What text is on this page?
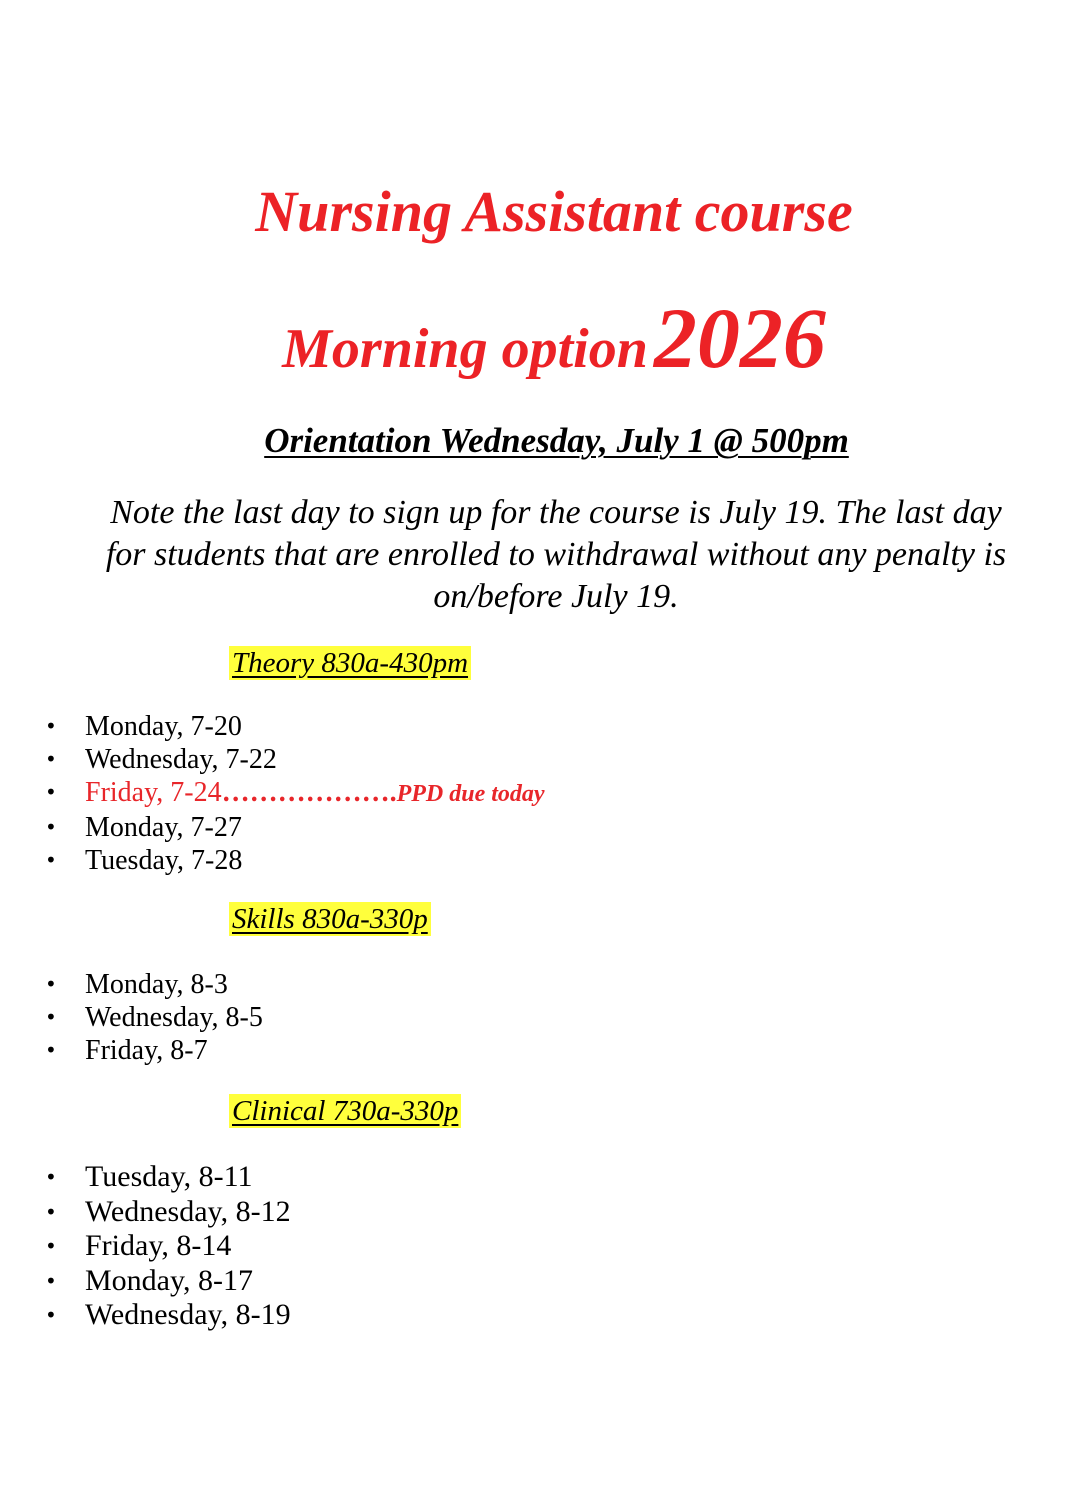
Nursing Assistant course
Morning option 2026

Orientation Wednesday, July 1 @ 500pm

Note the last day to sign up for the course is July 19. The last day for students that are enrolled to withdrawal without any penalty is on/before July 19.

Theory 830a-430pm
• Monday, 7-20
• Wednesday, 7-22
• Friday, 7-24……………….PPD due today
• Monday, 7-27
• Tuesday, 7-28
Skills 830a-330p
• Monday, 8-3
• Wednesday, 8-5
• Friday, 8-7
Clinical 730a-330p
• Tuesday, 8-11
• Wednesday, 8-12
• Friday, 8-14
• Monday, 8-17
• Wednesday, 8-19
